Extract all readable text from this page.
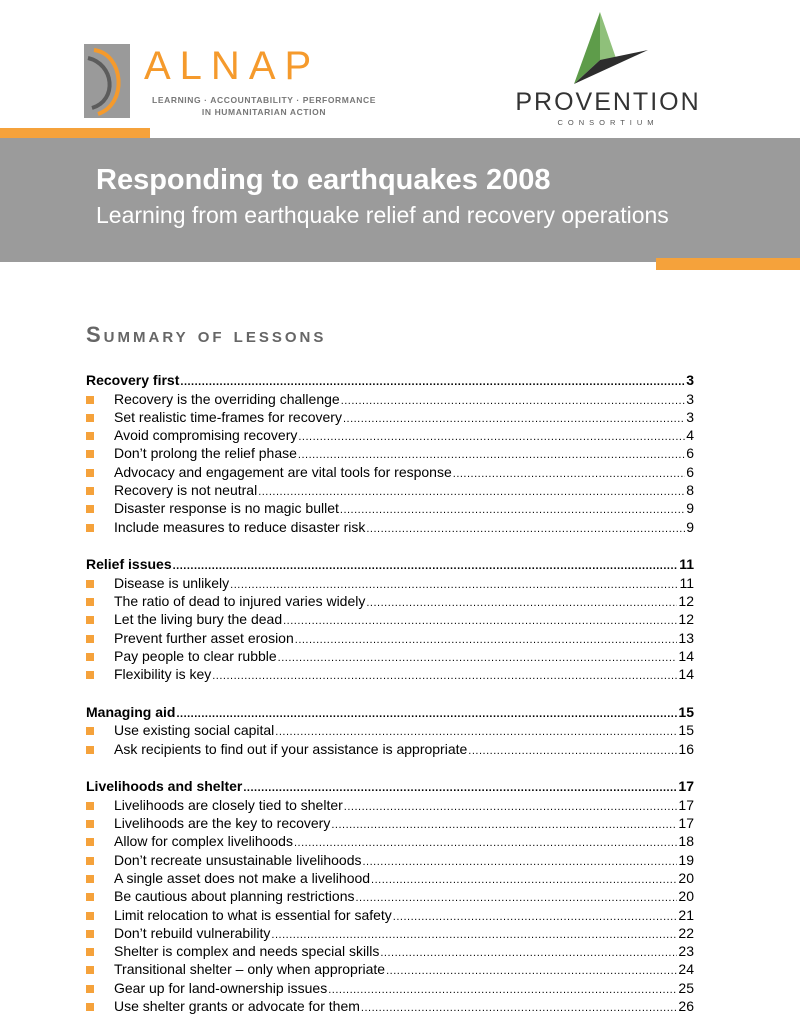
ALNAP
LEARNING · ACCOUNTABILITY · PERFORMANCE
IN HUMANITARIAN ACTION	PROVENTION
CONSORTIUM
Responding to earthquakes 2008
Learning from earthquake relief and recovery operations
Summary of lessons
Recovery first .....	3
Recovery is the overriding challenge .....	3
Set realistic time-frames for recovery .....	3
Avoid compromising recovery .....	4
Don’t prolong the relief phase .....	6
Advocacy and engagement are vital tools for response .....	6
Recovery is not neutral .....	8
Disaster response is no magic bullet .....	9
Include measures to reduce disaster risk .....	9
Relief issues .....	11
Disease is unlikely .....	11
The ratio of dead to injured varies widely .....	12
Let the living bury the dead .....	12
Prevent further asset erosion .....	13
Pay people to clear rubble .....	14
Flexibility is key .....	14
Managing aid .....	15
Use existing social capital .....	15
Ask recipients to find out if your assistance is appropriate .....	16
Livelihoods and shelter .....	17
Livelihoods are closely tied to shelter .....	17
Livelihoods are the key to recovery .....	17
Allow for complex livelihoods .....	18
Don’t recreate unsustainable livelihoods .....	19
A single asset does not make a livelihood .....	20
Be cautious about planning restrictions .....	20
Limit relocation to what is essential for safety .....	21
Don’t rebuild vulnerability .....	22
Shelter is complex and needs special skills .....	23
Transitional shelter – only when appropriate .....	24
Gear up for land-ownership issues .....	25
Use shelter grants or advocate for them .....	26
